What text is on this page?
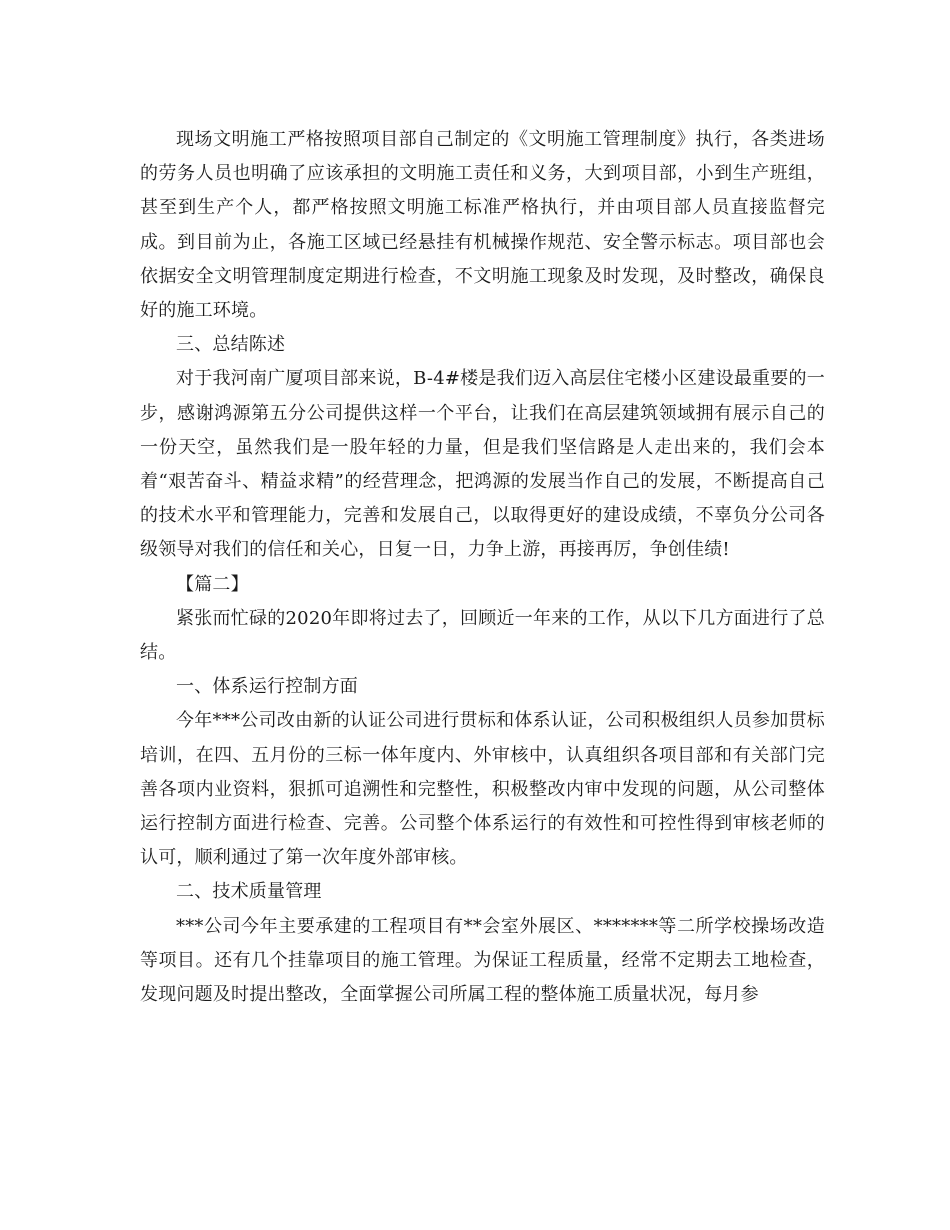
现场文明施工严格按照项目部自己制定的《文明施工管理制度》执行，各类进场的劳务人员也明确了应该承担的文明施工责任和义务，大到项目部，小到生产班组，甚至到生产个人，都严格按照文明施工标准严格执行，并由项目部人员直接监督完成。到目前为止，各施工区域已经悬挂有机械操作规范、安全警示标志。项目部也会依据安全文明管理制度定期进行检查，不文明施工现象及时发现，及时整改，确保良好的施工环境。

三、总结陈述

对于我河南广厦项目部来说，B-4#楼是我们迈入高层住宅楼小区建设最重要的一步，感谢鸿源第五分公司提供这样一个平台，让我们在高层建筑领域拥有展示自己的一份天空，虽然我们是一股年轻的力量，但是我们坚信路是人走出来的，我们会本着“艰苦奋斗、精益求精”的经营理念，把鸿源的发展当作自己的发展，不断提高自己的技术水平和管理能力，完善和发展自己，以取得更好的建设成绩，不辜负分公司各级领导对我们的信任和关心，日复一日，力争上游，再接再厉，争创佳绩!

【篇二】

紧张而忙碌的2020年即将过去了，回顾近一年来的工作，从以下几方面进行了总结。

一、体系运行控制方面

今年***公司改由新的认证公司进行贯标和体系认证，公司积极组织人员参加贯标培训，在四、五月份的三标一体年度内、外审核中，认真组织各项目部和有关部门完善各项内业资料，狠抓可追溯性和完整性，积极整改内审中发现的问题，从公司整体运行控制方面进行检查、完善。公司整个体系运行的有效性和可控性得到审核老师的认可，顺利通过了第一次年度外部审核。

二、技术质量管理

***公司今年主要承建的工程项目有**会室外展区、*******等二所学校操场改造等项目。还有几个挂靠项目的施工管理。为保证工程质量，经常不定期去工地检查，发现问题及时提出整改，全面掌握公司所属工程的整体施工质量状况，每月参
